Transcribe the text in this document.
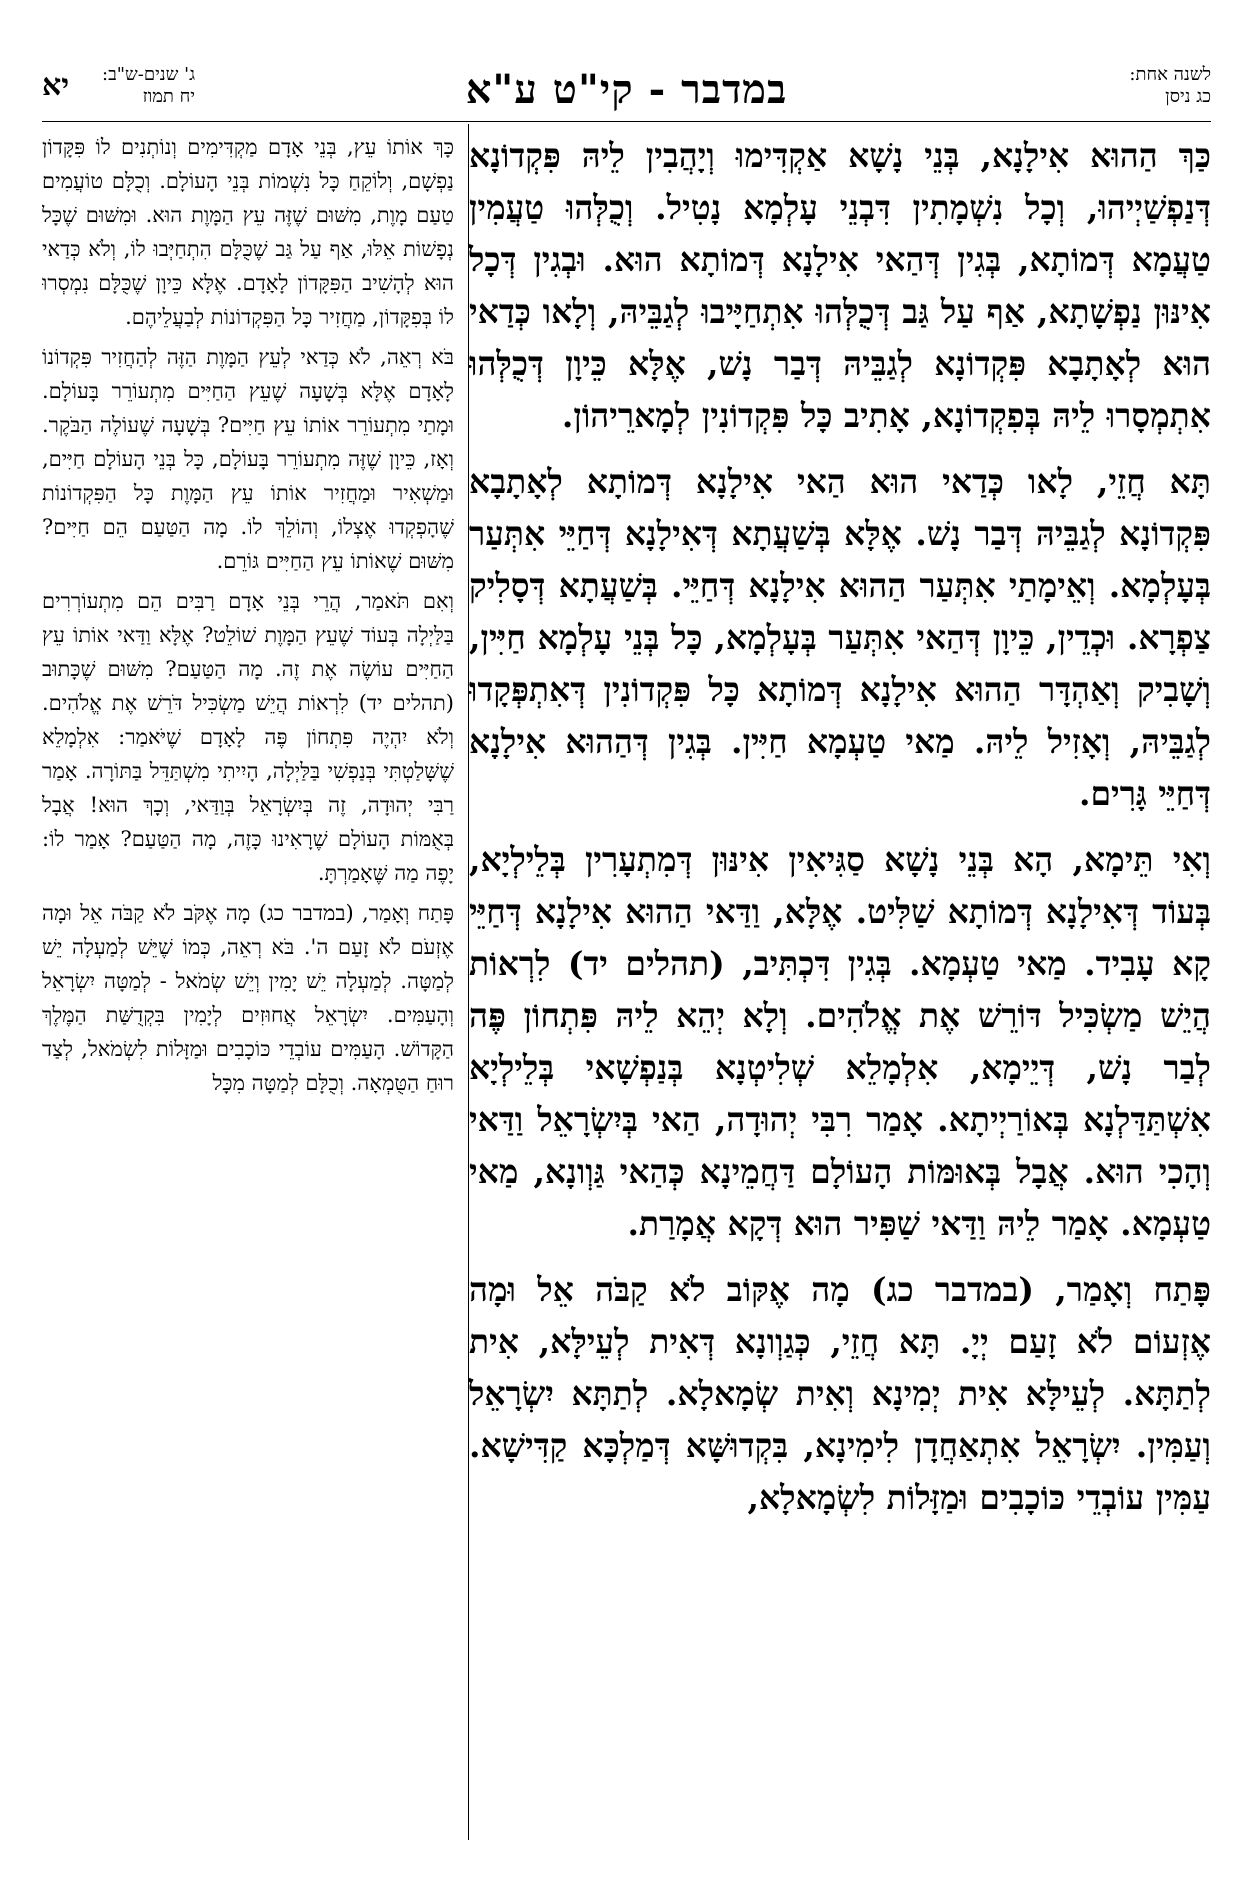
לשנה אחת:
כג ניסן
במדבר - קי"ט ע"א
ג' שנים-ש"ב:
יח תמוז
יא

כַּךְ הַהוּא אִילָנָא, בְּנֵי נָשָׁא אַקְדִּימוּ וְיָהֲבִין לֵיהּ פִּקְדוֹנָא דְּנַפְשַׁיְיהוּ, וְכָל נִשְׁמָתִין דִּבְנֵי עָלְמָא נָטִיל. וְכֻלְּהוּ טַעֲמִין טַעֲמָא דְּמוֹתָא, בְּגִין דְּהַאי אִילָנָא דְּמוֹתָא הוּא. וּבְגִין דְּכָל אִינּוּן נַפְשָׁתָא, אַף עַל גַּב דְּכֻלְּהוּ אִתְחַיָּיבוּ לְגַבֵּיהּ, וְלָאו כְּדַאי הוּא לְאָתָבָא פִּקְדוֹנָא לְגַבֵּיהּ דְּבַר נָשׁ, אֶלָּא כֵּיוָן דְּכֻלְּהוּ אִתְמְסָרוּ לֵיהּ בְּפִקְדוֹנָא, אָתִיב כָּל פִּקְדוֹנִין לְמָארֵיהוֹן.

תָּא חֲזֵי, לָאו כְּדַאי הוּא הַאי אִילָנָא דְּמוֹתָא לְאָתָבָא פִּקְדוֹנָא לְגַבֵּיהּ דְּבַר נָשׁ. אֶלָּא בְּשַׁעֲתָא דְּאִילָנָא דְּחַיֵּי אִתְּעַר בְּעָלְמָא. וְאֵימָתַי אִתְּעַר הַהוּא אִילָנָא דְּחַיֵּי. בְּשַׁעֲתָא דְּסָלִיק צַפְרָא. וּכְדֵין, כֵּיוָן דְּהַאי אִתְּעַר בְּעָלְמָא, כָּל בְּנֵי עָלְמָא חַיִּין, וְשָׁבִיק וְאַהְדָּר הַהוּא אִילָנָא דְּמוֹתָא כָּל פִּקְדוֹנִין דְּאִתְפְּקָדוּ לְגַבֵּיהּ, וְאָזִיל לֵיהּ. מַאי טַעְמָא חַיִּין. בְּגִין דְּהַהוּא אִילָנָא דְּחַיֵּי גָּרִים.

וְאִי תֵּימָא, הָא בְּנֵי נָשָׁא סַגִּיאִין אִינּוּן דְּמִתְעָרִין בְּלֵילְיָא, בְּעוֹד דְּאִילָנָא דְּמוֹתָא שַׁלִּיט. אֶלָּא, וַדַּאי הַהוּא אִילָנָא דְּחַיֵּי קָא עָבִיד. מַאי טַעְמָא. בְּגִין דִּכְתִּיב, (תהלים יד) לִרְאוֹת הֲיֵשׁ מַשְׂכִּיל דּוֹרֵשׁ אֶת אֱלֹהִים. וְלָא יְהֵא לֵיהּ פִּתְחוֹן פֶּה לְבַר נָשׁ, דְּיֵימָא, אִלְמָלֵא שְׁלִיטְנָא בְּנַפְשָׁאי בְּלֵילְיָא אִשְׁתַּדַּלְנָא בְּאוֹרַיְיתָא. אָמַר רִבִּי יְהוּדָה, הַאי בְּיִשְׂרָאֵל וַדַּאי וְהָכִי הוּא. אֲבָל בְּאוּמּוֹת הָעוֹלָם דַּחֲמֵינָא כְּהַאי גַּוְונָא, מַאי טַעְמָא. אָמַר לֵיהּ וַדַּאי שַׁפִּיר הוּא דְּקָא אֲמָרַת.

פָּתַח וְאָמַר, (במדבר כג) מָה אֶקּוֹב לֹא קַבֹּה אֵל וּמָה אֶזְעוֹם לֹא זָעַם יְיָ. תָּא חֲזֵי, כְּגַוְונָא דְּאִית לְעֵילָּא, אִית לְתַתָּא. לְעֵילָּא אִית יְמִינָא וְאִית שְׂמָאלָא. לְתַתָּא יִשְׂרָאֵל וְעַמִּין. יִשְׂרָאֵל אִתְאַחֲדָן לִימִינָא, בִּקְדוּשָּׁא דְּמַלְכָּא קַדִּישָׁא. עַמִּין עוֹבְדֵי כּוֹכָבִים וּמַזָּלוֹת לִשְׂמָאלָא,

כָּךְ אוֹתוֹ עֵץ, בְּנֵי אָדָם מַקְדִּימִים וְנוֹתְנִים לוֹ פִּקָּדוֹן נַפְשָׁם, וְלוֹקֵחַ כָּל נִשְׁמוֹת בְּנֵי הָעוֹלָם. וְכֻלָּם טוֹעֲמִים טַעַם מָוֶת, מִשּׁוּם שֶׁזֶּה עֵץ הַמָּוֶת הוּא. וּמִשּׁוּם שֶׁכָּל נְפָשׁוֹת אֵלּוּ, אַף עַל גַּב שֶׁכֻּלָּם הִתְחַיְּבוּ לוֹ, וְלֹא כְּדַאי הוּא לְהָשִׁיב הַפִּקָּדוֹן לָאָדָם. אֶלָּא כֵּיוָן שֶׁכֻּלָּם נִמְסְרוּ לוֹ בְּפִקָּדוֹן, מַחֲזִיר כָּל הַפִּקְדוֹנוֹת לְבַעֲלֵיהֶם.

בֹּא רְאֵה, לֹא כְּדַאי לְעֵץ הַמָּוֶת הַזֶּה לְהַחֲזִיר פִּקְדוֹנוֹ לָאָדָם אֶלָּא בְּשָׁעָה שֶׁעֵץ הַחַיִּים מִתְעוֹרֵר בָּעוֹלָם. וּמָתַי מִתְעוֹרֵר אוֹתוֹ עֵץ חַיִּים? בְּשָׁעָה שֶׁעוֹלֶה הַבֹּקֶר. וְאָז, כֵּיוָן שֶׁזֶּה מִתְעוֹרֵר בָּעוֹלָם, כָּל בְּנֵי הָעוֹלָם חַיִּים, וּמַשְׁאִיר וּמַחֲזִיר אוֹתוֹ עֵץ הַמָּוֶת כָּל הַפִּקְדוֹנוֹת שֶׁהָפְקְדוּ אֶצְלוֹ, וְהוֹלֵךְ לוֹ. מָה הַטַּעַם הֵם חַיִּים? מִשּׁוּם שֶׁאוֹתוֹ עֵץ הַחַיִּים גּוֹרֵם.

וְאִם תֹּאמַר, הֲרֵי בְּנֵי אָדָם רַבִּים הֵם מִתְעוֹרְרִים בַּלַּיְלָה בְּעוֹד שֶׁעֵץ הַמָּוֶת שׁוֹלֵט? אֶלָּא וַדַּאי אוֹתוֹ עֵץ הַחַיִּים עוֹשֶׂה אֶת זֶה. מָה הַטַּעַם? מִשּׁוּם שֶׁכָּתוּב (תהלים יד) לִרְאוֹת הֲיֵשׁ מַשְׂכִּיל דֹּרֵשׁ אֶת אֱלֹהִים. וְלֹא יִהְיֶה פִּתְחוֹן פֶּה לָאָדָם שֶׁיֹּאמַר: אִלְמָלֵא שֶׁשָּׁלַטְתִּי בְּנַפְשִׁי בַּלַּיְלָה, הָיִיתִי מִשְׁתַּדֵּל בַּתּוֹרָה. אָמַר רַבִּי יְהוּדָה, זֶה בְּיִשְׂרָאֵל בְּוַדַּאי, וְכָךְ הוּא! אֲבָל בְּאֻמּוֹת הָעוֹלָם שֶׁרָאִינוּ כָּזֶה, מָה הַטַּעַם? אָמַר לוֹ: יָפֶה מַה שֶּׁאָמַרְתָּ.

פָּתַח וְאָמַר, (במדבר כג) מָה אֶקֹּב לֹא קַבֹּה אֵל וּמָה אֶזְעֹם לֹא זָעַם ה'. בֹּא רְאֵה, כְּמוֹ שֶׁיֵּשׁ לְמַעְלָה יֵשׁ לְמַטָּה. לְמַעְלָה יֵשׁ יָמִין וְיֵשׁ שְׂמֹאל - לְמַטָּה יִשְׂרָאֵל וְהָעַמִּים. יִשְׂרָאֵל אֲחוּזִים לְיָמִין בִּקְדֻשַּׁת הַמֶּלֶךְ הַקָּדוֹשׁ. הָעַמִּים עוֹבְדֵי כּוֹכָבִים וּמַזָּלוֹת לִשְׂמֹאל, לְצַד רוּחַ הַטֻּמְאָה. וְכֻלָּם לְמַטָּה מִכָּל
